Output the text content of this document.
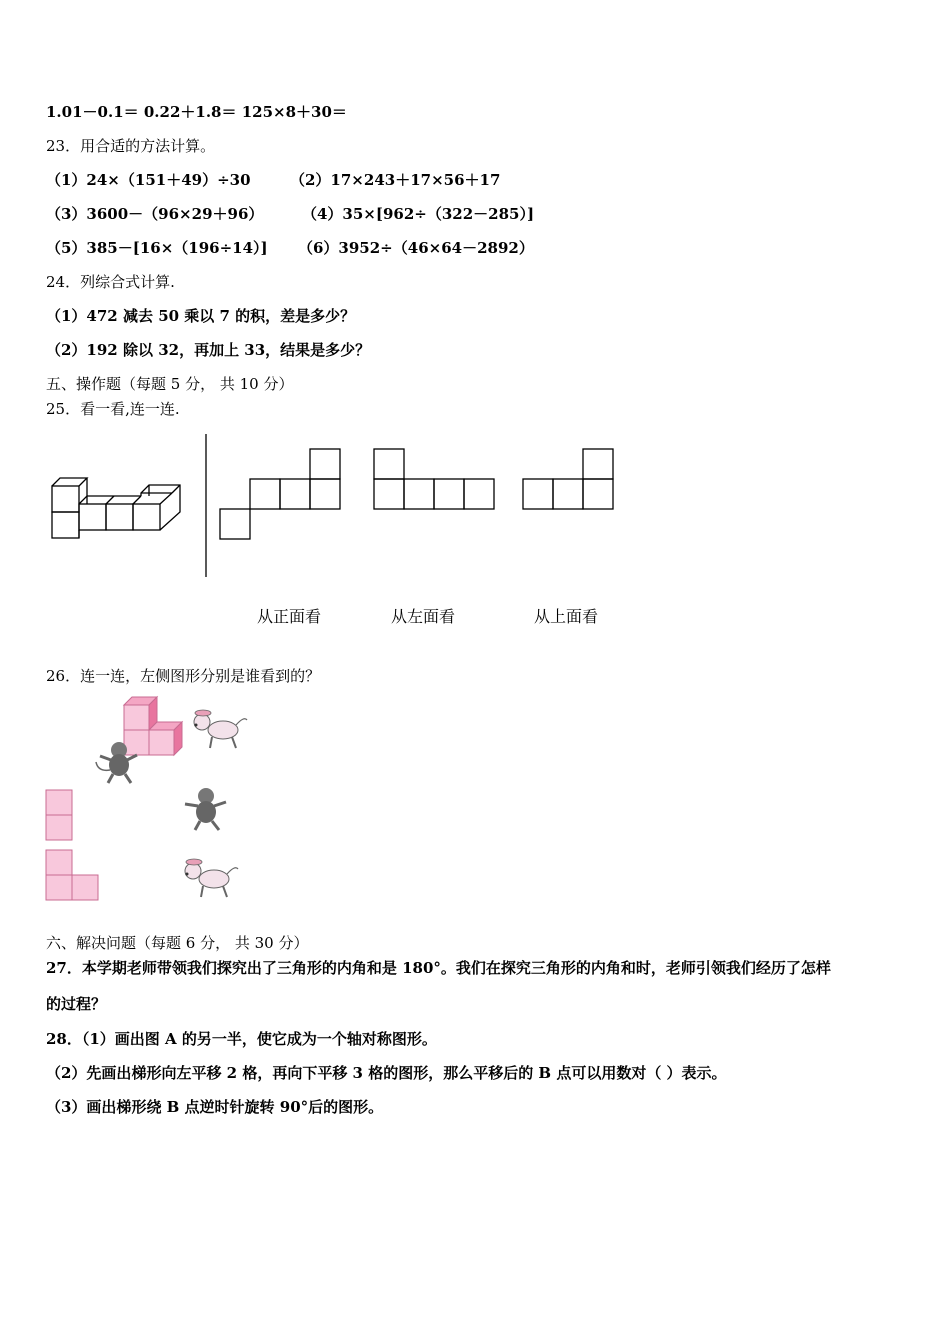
1.01－0.1＝ 0.22＋1.8＝ 125×8＋30＝
23．用合适的方法计算。
（1）24×（151＋49）÷30	（2）17×243＋17×56＋17
（3）3600－（96×29＋96）	（4）35×[962÷（322－285）]
（5）385－[16×（196÷14）] （6）3952÷（46×64－2892）
24．列综合式计算.
（1）472 减去 50 乘以 7 的积，差是多少？
（2）192 除以 32，再加上 33，结果是多少？
五、操作题（每题 5 分， 共 10 分）
25．看一看,连一连.
从正面看	从左面看	从上面看
26．连一连，左侧图形分别是谁看到的？
六、解决问题（每题 6 分， 共 30 分）
27．本学期老师带领我们探究出了三角形的内角和是 180°。我们在探究三角形的内角和时，老师引领我们经历了怎样
的过程？
28．（1）画出图 A 的另一半，使它成为一个轴对称图形。
（2）先画出梯形向左平移 2 格，再向下平移 3 格的图形，那么平移后的 B 点可以用数对（ ）表示。
（3）画出梯形绕 B 点逆时针旋转 90°后的图形。
